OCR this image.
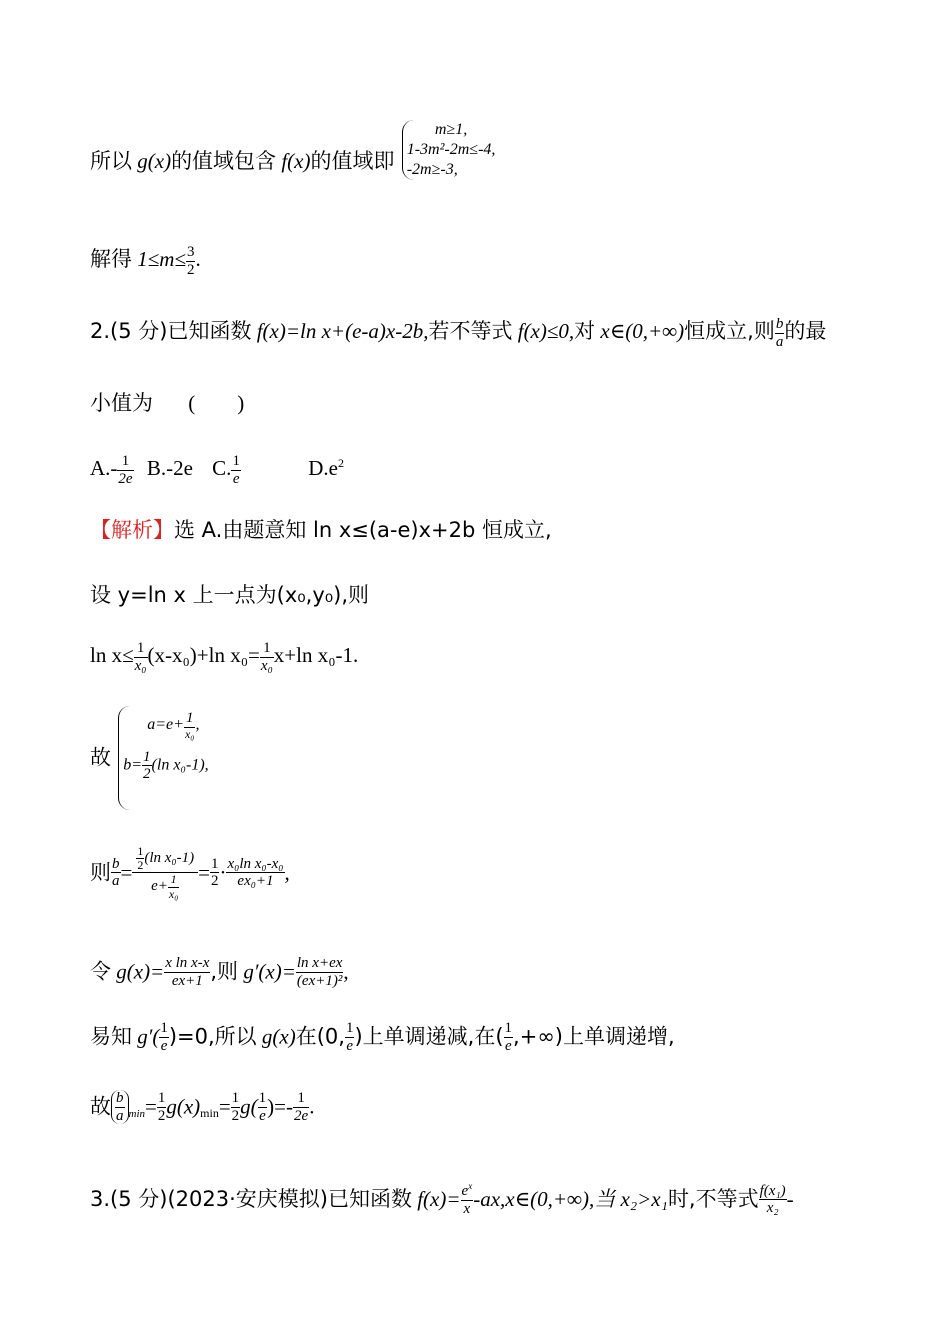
所以 g(x)的值域包含 f(x)的值域即
m≥1,
1-3m²-2m≤-4,
-2m≥-3,
解得 $1\le m\le \frac{3}{2}$ .
2.(5 分)已知函数 f(x)=ln x+(e-a)x-2b,若不等式 f(x)≤0,对 x∈(0,+∞)恒成立,则 $\frac{b}{a}$ 的最
小值为 (        )
$A.- \frac{1}{2e} B.-2e$ C. $\frac{1}{e}$	$D.e^2$
【解析】选 A.由题意知 ln x≤(a-e)x+2b 恒成立,
设 y=ln x 上一点为(x₀,y₀),则
$\ln x\le \frac{1}{\text{x₀}} (x-x_0)+\ln$ $x_0= \frac{1}{\text{x₀}} x+\ln$ x₀-1.
故
$a=e+ \frac{1}{\text{x₀}}$ ,
$b= \frac{1}{2} (\ln$ x₀-1),
则 $\frac{b}{a} = \frac{\frac{1}{2} (\ln x_0-1)}{e+ \frac{1}{\text{x₀}}} = \frac{1}{2} \cdot \frac{\text{x₀ln x₀-x₀}}{\text{ex₀+1}}$ ,
令 $g(x)= \frac{\text{x ln x-x}}{ex+1}$ ,则 $g'(x)= \frac{\text{ln x+ex}}{\text{(ex+1)²}}$ ,
易知 $g'( \frac{1}{e} )=0$,所以 g(x)在(0, $\frac{1}{e}$ )上单调递减,在( $\frac{1}{e}$ ,+∞)上单调递增,
故 $\frac{b}{a} _{min}= \frac{1}{2} g(x)_{min}= \frac{1}{2} g( \frac{1}{e}$ )=- $\frac{1}{2e}$ .
3.(5 分)(2023·安庆模拟)已知函数 $f(x)= \frac{e^x}{x}$ -ax,x∈(0,+∞),当 x₂>x₁时,不等式 $\frac{\text{f(x₁)}}{\text{x₂}}$ -
